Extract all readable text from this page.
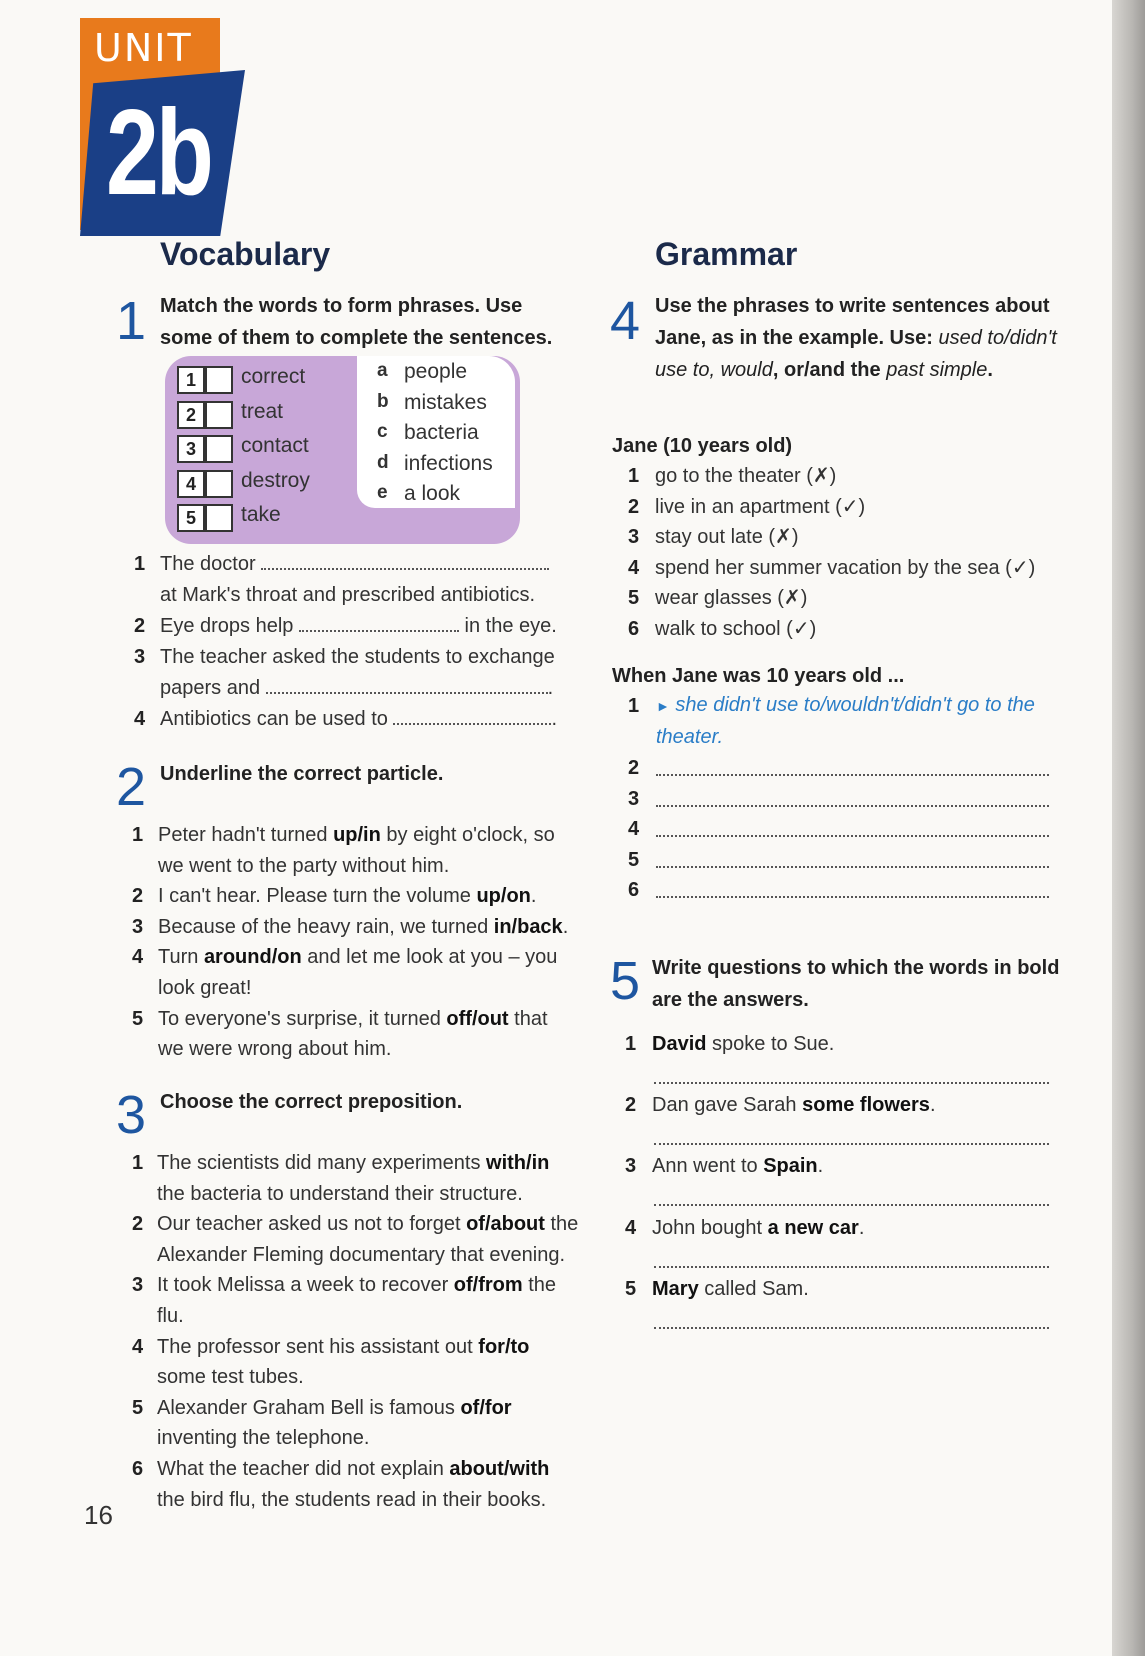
UNIT
2b
Vocabulary
1 Match the words to form phrases. Use
some of them to complete the sentences.
1	correct
2	treat
3	contact
4	destroy
5	take
a people
b mistakes
c bacteria
d infections
e a look
1 The doctor
at Mark's throat and prescribed antibiotics.
2 Eye drops help	in the eye.
3 The teacher asked the students to exchange
papers and	.
4 Antibiotics can be used to	.
2 Underline the correct particle.
1 Peter hadn't turned up/in by eight o'clock, so
we went to the party without him.
2 I can't hear. Please turn the volume up/on.
3 Because of the heavy rain, we turned in/back.
4 Turn around/on and let me look at you – you
look great!
5 To everyone's surprise, it turned off/out that
we were wrong about him.
3 Choose the correct preposition.
1 The scientists did many experiments with/in
the bacteria to understand their structure.
2 Our teacher asked us not to forget of/about the
Alexander Fleming documentary that evening.
3 It took Melissa a week to recover of/from the
flu.
4 The professor sent his assistant out for/to
some test tubes.
5 Alexander Graham Bell is famous of/for
inventing the telephone.
6 What the teacher did not explain about/with
the bird flu, the students read in their books.
16
Grammar
4 Use the phrases to write sentences about
Jane, as in the example. Use: used to/didn't
use to, would, or/and the past simple.
Jane (10 years old)
1 go to the theater (✗)
2 live in an apartment (✓)
3 stay out late (✗)
4 spend her summer vacation by the sea (✓)
5 wear glasses (✗)
6 walk to school (✓)
When Jane was 10 years old ...
1 ► she didn't use to/wouldn't/didn't go to the
theater.
2
3
4
5
6
5 Write questions to which the words in bold
are the answers.
1 David spoke to Sue.
2 Dan gave Sarah some flowers.
3 Ann went to Spain.
4 John bought a new car.
5 Mary called Sam.
